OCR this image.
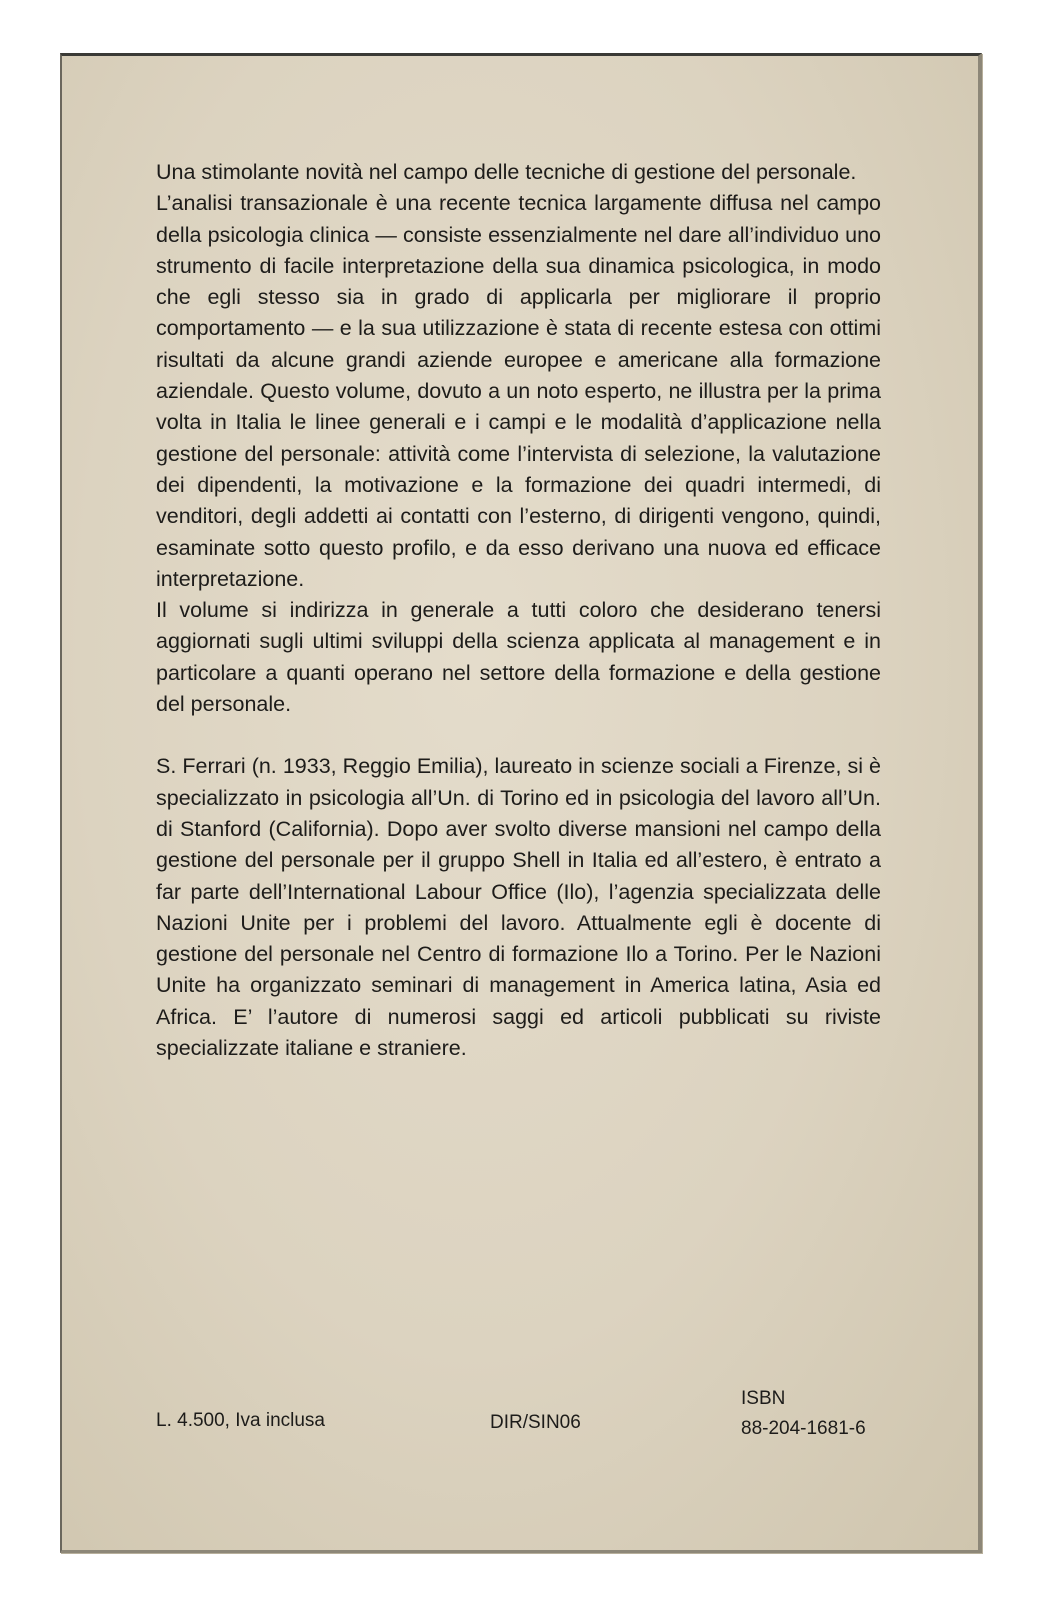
Una stimolante novità nel campo delle tecniche di gestione del personale.

L’analisi transazionale è una recente tecnica largamente diffusa nel campo della psicologia clinica — consiste essenzialmente nel dare all’individuo uno strumento di facile interpretazione della sua dinamica psicologica, in modo che egli stesso sia in grado di applicarla per migliorare il proprio comportamento — e la sua utilizzazione è stata di recente estesa con ottimi risultati da alcune grandi aziende europee e americane alla formazione aziendale. Questo volume, dovuto a un noto esperto, ne illustra per la prima volta in Italia le linee generali e i campi e le modalità d’applicazione nella gestione del personale: attività come l’intervista di selezione, la valutazione dei dipendenti, la motivazione e la formazione dei quadri intermedi, di venditori, degli addetti ai contatti con l’esterno, di dirigenti vengono, quindi, esaminate sotto questo profilo, e da esso derivano una nuova ed efficace interpretazione.

Il volume si indirizza in generale a tutti coloro che desiderano tenersi aggiornati sugli ultimi sviluppi della scienza applicata al management e in particolare a quanti operano nel settore della formazione e della gestione del personale.

S. Ferrari (n. 1933, Reggio Emilia), laureato in scienze sociali a Firenze, si è specializzato in psicologia all’Un. di Torino ed in psicologia del lavoro all’Un. di Stanford (California). Dopo aver svolto diverse mansioni nel campo della gestione del personale per il gruppo Shell in Italia ed all’estero, è entrato a far parte dell’International Labour Office (Ilo), l’agenzia specializzata delle Nazioni Unite per i problemi del lavoro. Attualmente egli è docente di gestione del personale nel Centro di formazione Ilo a Torino. Per le Nazioni Unite ha organizzato seminari di management in America latina, Asia ed Africa. E’ l’autore di numerosi saggi ed articoli pubblicati su riviste specializzate italiane e straniere.

L. 4.500, Iva inclusa	DIR/SIN06
ISBN
88-204-1681-6
